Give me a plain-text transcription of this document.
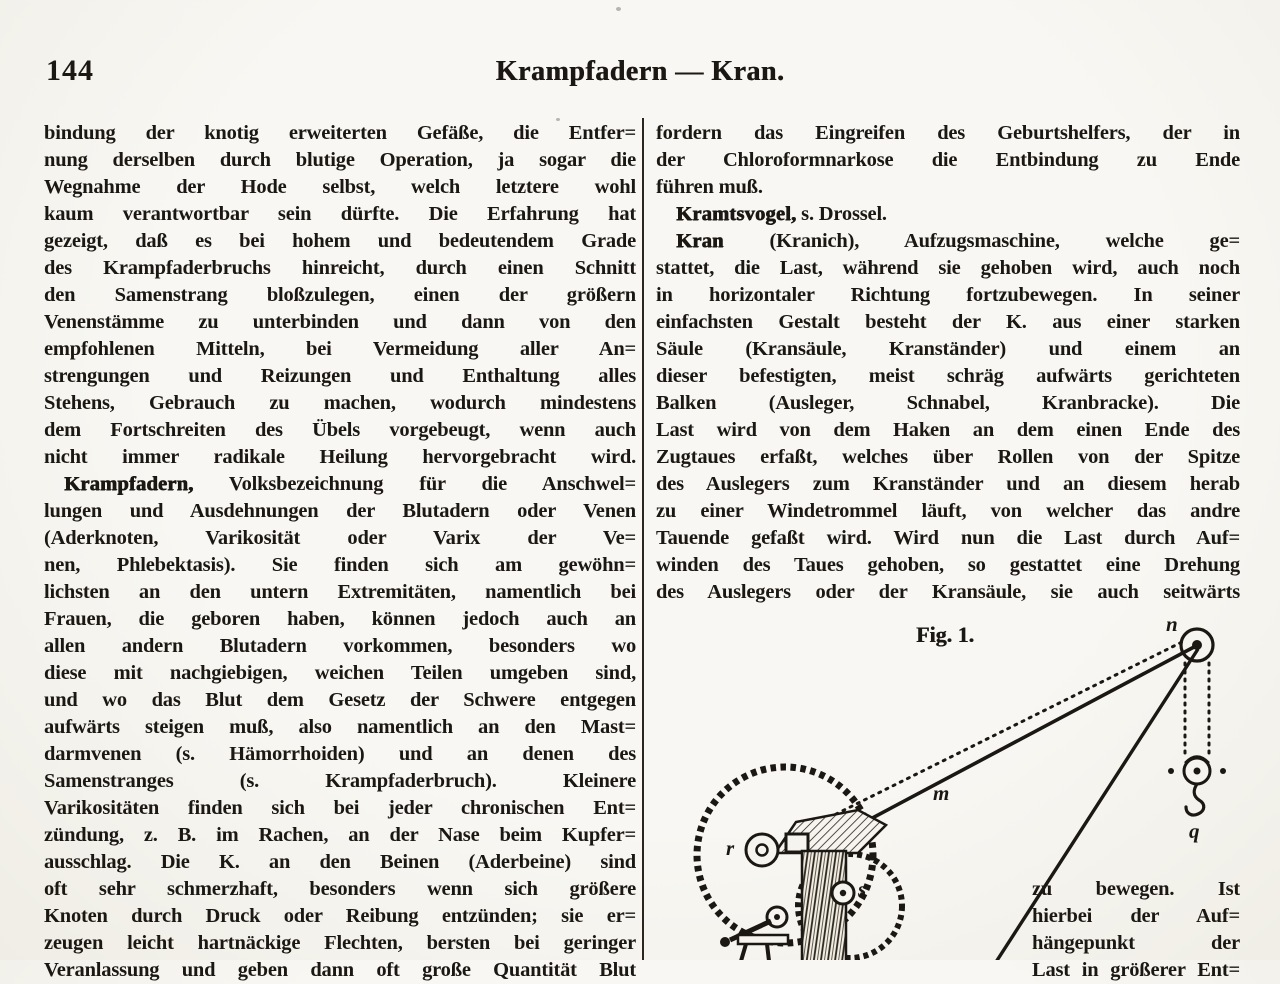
144	Krampfadern — Kran.
bindung der knotig erweiterten Gefäße, die Entfer=
nung derselben durch blutige Operation, ja sogar die
Wegnahme der Hode selbst, welch letztere wohl
kaum verantwortbar sein dürfte. Die Erfahrung hat
gezeigt, daß es bei hohem und bedeutendem Grade
des Krampfaderbruchs hinreicht, durch einen Schnitt
den Samenstrang bloßzulegen, einen der größern
Venenstämme zu unterbinden und dann von den
empfohlenen Mitteln, bei Vermeidung aller An=
strengungen und Reizungen und Enthaltung alles
Stehens, Gebrauch zu machen, wodurch mindestens
dem Fortschreiten des Übels vorgebeugt, wenn auch
nicht immer radikale Heilung hervorgebracht wird.
Krampfadern, Volksbezeichnung für die Anschwel=
lungen und Ausdehnungen der Blutadern oder Venen
(Aderknoten, Varikosität oder Varix der Ve=
nen, Phlebektasis). Sie finden sich am gewöhn=
lichsten an den untern Extremitäten, namentlich bei
Frauen, die geboren haben, können jedoch auch an
allen andern Blutadern vorkommen, besonders wo
diese mit nachgiebigen, weichen Teilen umgeben sind,
und wo das Blut dem Gesetz der Schwere entgegen
aufwärts steigen muß, also namentlich an den Mast=
darmvenen (s. Hämorrhoiden) und an denen des
Samenstranges (s. Krampfaderbruch). Kleinere
Varikositäten finden sich bei jeder chronischen Ent=
zündung, z. B. im Rachen, an der Nase beim Kupfer=
ausschlag. Die K. an den Beinen (Aderbeine) sind
oft sehr schmerzhaft, besonders wenn sich größere
Knoten durch Druck oder Reibung entzünden; sie er=
zeugen leicht hartnäckige Flechten, bersten bei geringer
Veranlassung und geben dann oft große Quantität Blut
fordern das Eingreifen des Geburtshelfers, der in
der Chloroformnarkose die Entbindung zu Ende
führen muß.
Kramtsvogel, s. Drossel.
Kran (Kranich), Aufzugsmaschine, welche ge=
stattet, die Last, während sie gehoben wird, auch noch
in horizontaler Richtung fortzubewegen. In seiner
einfachsten Gestalt besteht der K. aus einer starken
Säule (Kransäule, Kranständer) und einem an
dieser befestigten, meist schräg aufwärts gerichteten
Balken (Ausleger, Schnabel, Kranbracke). Die
Last wird von dem Haken an dem einen Ende des
Zugtaues erfaßt, welches über Rollen von der Spitze
des Auslegers zum Kranständer und an diesem herab
zu einer Windetrommel läuft, von welcher das andre
Tauende gefaßt wird. Wird nun die Last durch Auf=
winden des Taues gehoben, so gestattet eine Drehung
des Auslegers oder der Kransäule, sie auch seitwärts
zu bewegen. Ist
hierbei der Auf=
hängepunkt der
Last in größerer Ent=
Fig. 1.	n
m
q
r
s
